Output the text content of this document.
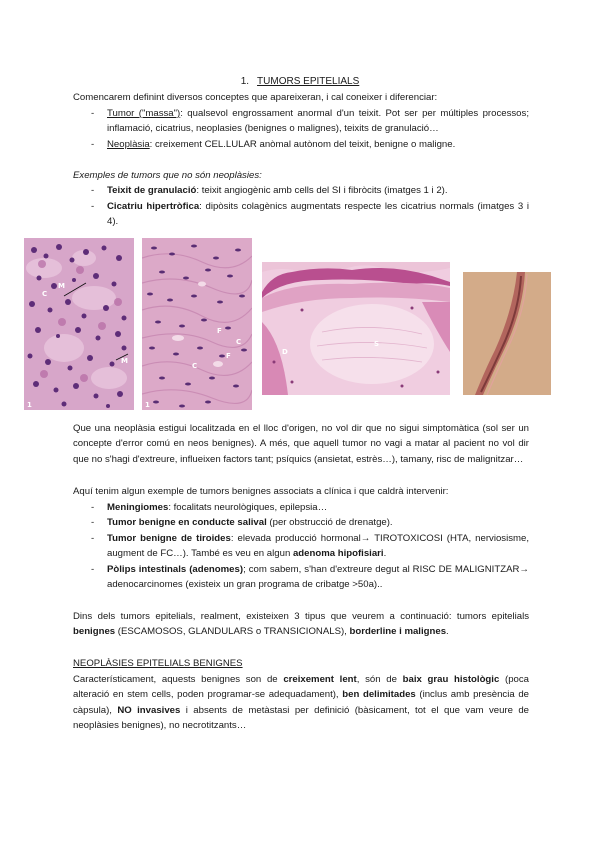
1. TUMORS EPITELIALS
Comencarem definint diversos conceptes que apareixeran, i cal coneixer i diferenciar:
- Tumor ("massa"): qualsevol engrossament anormal d'un teixit. Pot ser per múltiples processos; inflamació, cicatrius, neoplasies (benignes o malignes), teixits de granulació…
- Neoplàsia: creixement CEL.LULAR anòmal autònom del teixit, benigne o maligne.
Exemples de tumors que no són neoplàsies:
- Teixit de granulació: teixit angiogènic amb cells del SI i fibròcits (imatges 1 i 2).
- Cicatriu hipertròfica: dipòsits colagènics augmentats respecte les cicatrius normals (imatges 3 i 4).
C
M
M
1
F
C
F
C
1
S
D
Que una neoplàsia estigui localitzada en el lloc d'origen, no vol dir que no sigui simptomàtica (sol ser un concepte d'error comú en neos benignes). A més, que aquell tumor no vagi a matar al pacient no vol dir que no s'hagi d'extreure, influeixen factors tant; psíquics (ansietat, estrès…), tamany, risc de malignitzar…
Aquí tenim algun exemple de tumors benignes associats a clínica i que caldrà intervenir:
- Meningiomes: focalitats neurològiques, epilepsia…
- Tumor benigne en conducte salival (per obstrucció de drenatge).
- Tumor benigne de tiroides: elevada producció hormonal→ TIROTOXICOSI (HTA, nerviosisme, augment de FC…). També es veu en algun adenoma hipofisiari.
- Pòlips intestinals (adenomes); com sabem, s'han d'extreure degut al RISC DE MALIGNITZAR→ adenocarcinomes (existeix un gran programa de cribatge >50a)..
Dins dels tumors epitelials, realment, existeixen 3 tipus que veurem a continuació: tumors epitelials benignes (ESCAMOSOS, GLANDULARS o TRANSICIONALS), borderline i malignes.
NEOPLÀSIES EPITELIALS BENIGNES
Característicament, aquests benignes son de creixement lent, són de baix grau histològic (poca alteració en stem cells, poden programar-se adequadament), ben delimitades (inclus amb presència de càpsula), NO invasives i absents de metàstasi per definició (bàsicament, tot el que vam veure de neoplàsies benignes), no necrotitzants…
